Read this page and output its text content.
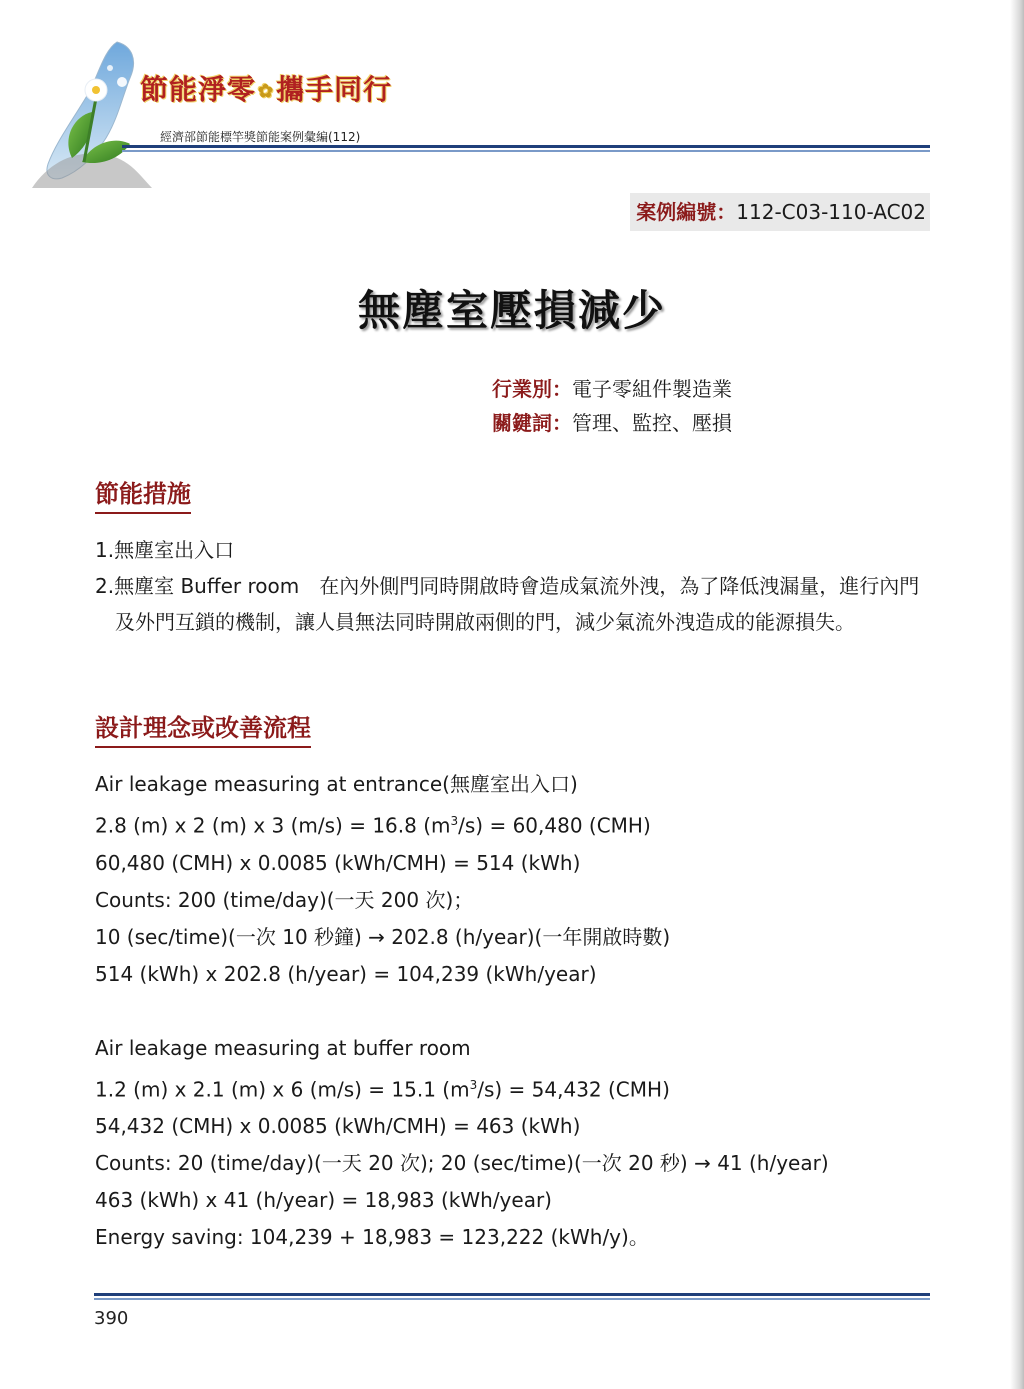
節能淨零 ✿攜手同行
經濟部節能標竿獎節能案例彙編(112)
案例編號：112-C03-110-AC02
無塵室壓損減少
行業別：電子零組件製造業
關鍵詞：管理、監控、壓損
節能措施
1.無塵室出入口
2.無塵室 Buffer room　在內外側門同時開啟時會造成氣流外洩，為了降低洩漏量，進行內門及外門互鎖的機制，讓人員無法同時開啟兩側的門，減少氣流外洩造成的能源損失。
設計理念或改善流程
Air leakage measuring at entrance(無塵室出入口)
2.8 (m) x 2 (m) x 3 (m/s) = 16.8 $(m^3/s) = 60,480$ (CMH)
60,480 (CMH) x 0.0085 (kWh/CMH) = 514 (kWh)
Counts: 200 (time/day)(一天 200 次)；
10 (sec/time)(一次 10 秒鐘) → 202.8 (h/year)(一年開啟時數)
514 (kWh) x 202.8 (h/year) = 104,239 (kWh/year)
Air leakage measuring at buffer room
1.2 (m) x 2.1 (m) x 6 (m/s) = 15.1 $(m^3/s) = 54,432$ (CMH)
54,432 (CMH) x 0.0085 (kWh/CMH) = 463 (kWh)
Counts: 20 (time/day)(一天 20 次); 20 (sec/time)(一次 20 秒) → 41 (h/year)
463 (kWh) x 41 (h/year) = 18,983 (kWh/year)
Energy saving: 104,239 + 18,983 = 123,222 (kWh/y)。
390
